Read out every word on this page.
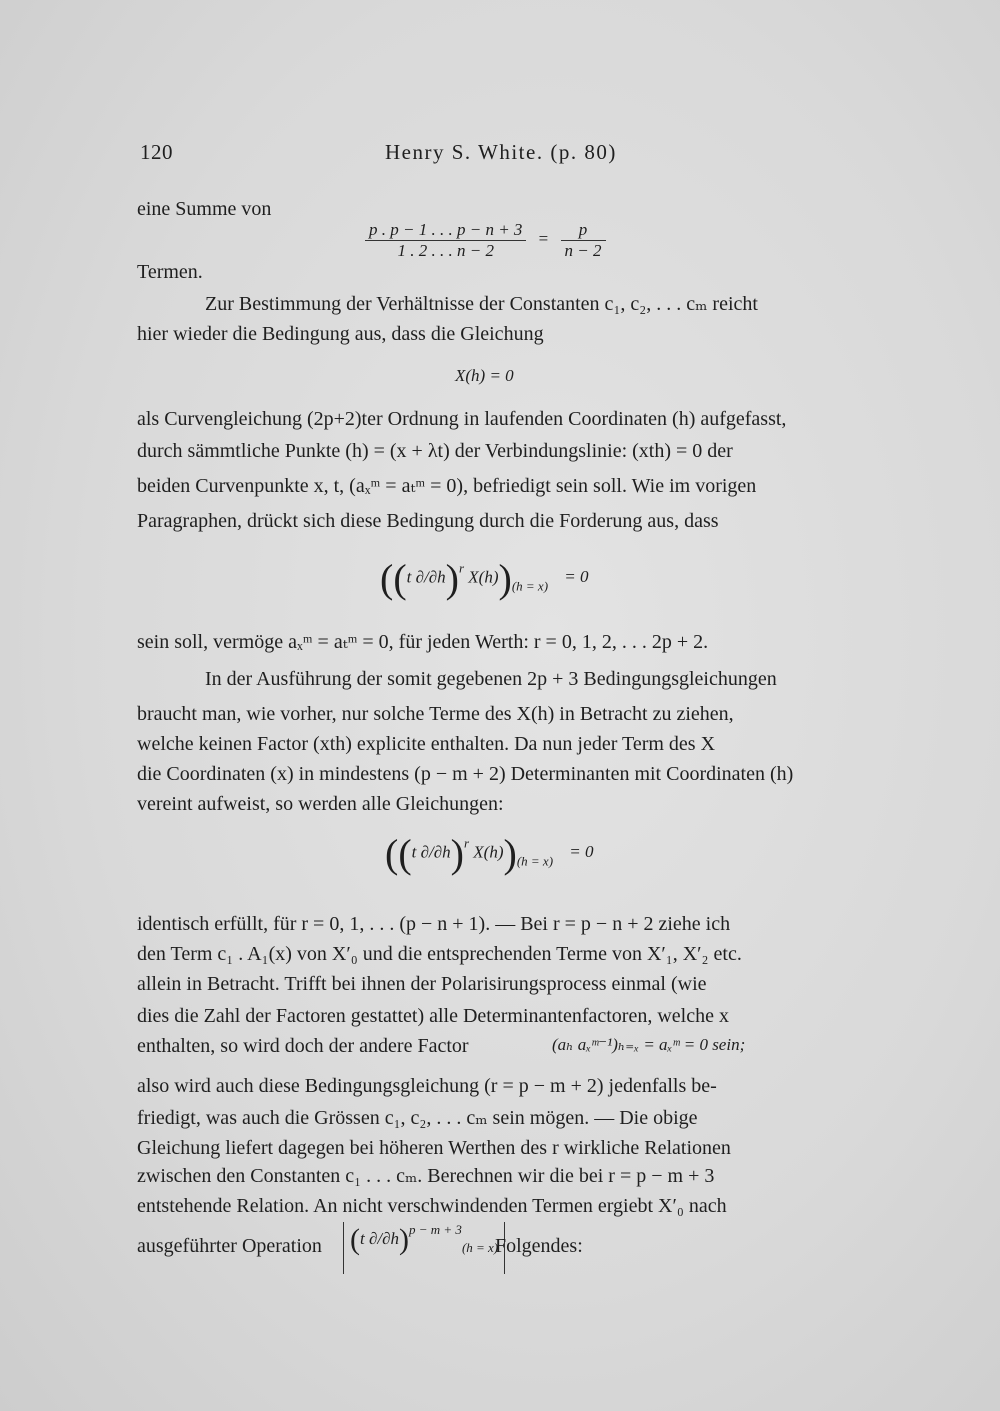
120	Henry S. White. (p. 80)
eine Summe von
$\frac{p . p - 1 . . . p - n + 3}{1 . 2 . . . n - 2} = \frac{p}{n - 2}$
Termen.
Zur Bestimmung der Verhältnisse der Constanten c₁, c₂, . . . cₘ reicht
hier wieder die Bedingung aus, dass die Gleichung
X(h) = 0
als Curvengleichung (2p+2)ter Ordnung in laufenden Coordinaten (h) aufgefasst,
durch sämmtliche Punkte (h) = (x + λt) der Verbindungslinie: (xth) = 0 der
beiden Curvenpunkte x, t, (aₓᵐ = aₜᵐ = 0), befriedigt sein soll. Wie im vorigen
Paragraphen, drückt sich diese Bedingung durch die Forderung aus, dass
((t ∂/∂h)$^r$ $X(h))_{(h = x)} = 0$
sein soll, vermöge aₓᵐ = aₜᵐ = 0, für jeden Werth: r = 0, 1, 2, . . . 2p + 2.
In der Ausführung der somit gegebenen 2p + 3 Bedingungsgleichungen
braucht man, wie vorher, nur solche Terme des X(h) in Betracht zu ziehen,
welche keinen Factor (xth) explicite enthalten. Da nun jeder Term des X
die Coordinaten (x) in mindestens (p − m + 2) Determinanten mit Coordinaten (h)
vereint aufweist, so werden alle Gleichungen:
((t ∂/∂h)$^r$ $X(h))_{(h = x)} = 0$
identisch erfüllt, für r = 0, 1, . . . (p − n + 1). — Bei r = p − n + 2 ziehe ich
den Term c₁ . A₁(x) von X′₀ und die entsprechenden Terme von X′₁, X′₂ etc.
allein in Betracht. Trifft bei ihnen der Polarisirungsprocess einmal (wie
dies die Zahl der Factoren gestattet) alle Determinantenfactoren, welche x
enthalten, so wird doch der andere Factor	(aₕ aₓᵐ⁻¹)ₕ₌ₓ = aₓᵐ = 0 sein;
also wird auch diese Bedingungsgleichung (r = p − m + 2) jedenfalls be-
friedigt, was auch die Grössen c₁, c₂, . . . cₘ sein mögen. — Die obige
Gleichung liefert dagegen bei höheren Werthen des r wirkliche Relationen
zwischen den Constanten c₁ . . . cₘ. Berechnen wir die bei r = p − m + 3
entstehende Relation. An nicht verschwindenden Termen ergiebt X′₀ nach
ausgeführter Operation (t ∂/∂h)$^{p - m + 3}_{(h = x)}$
Folgendes:
